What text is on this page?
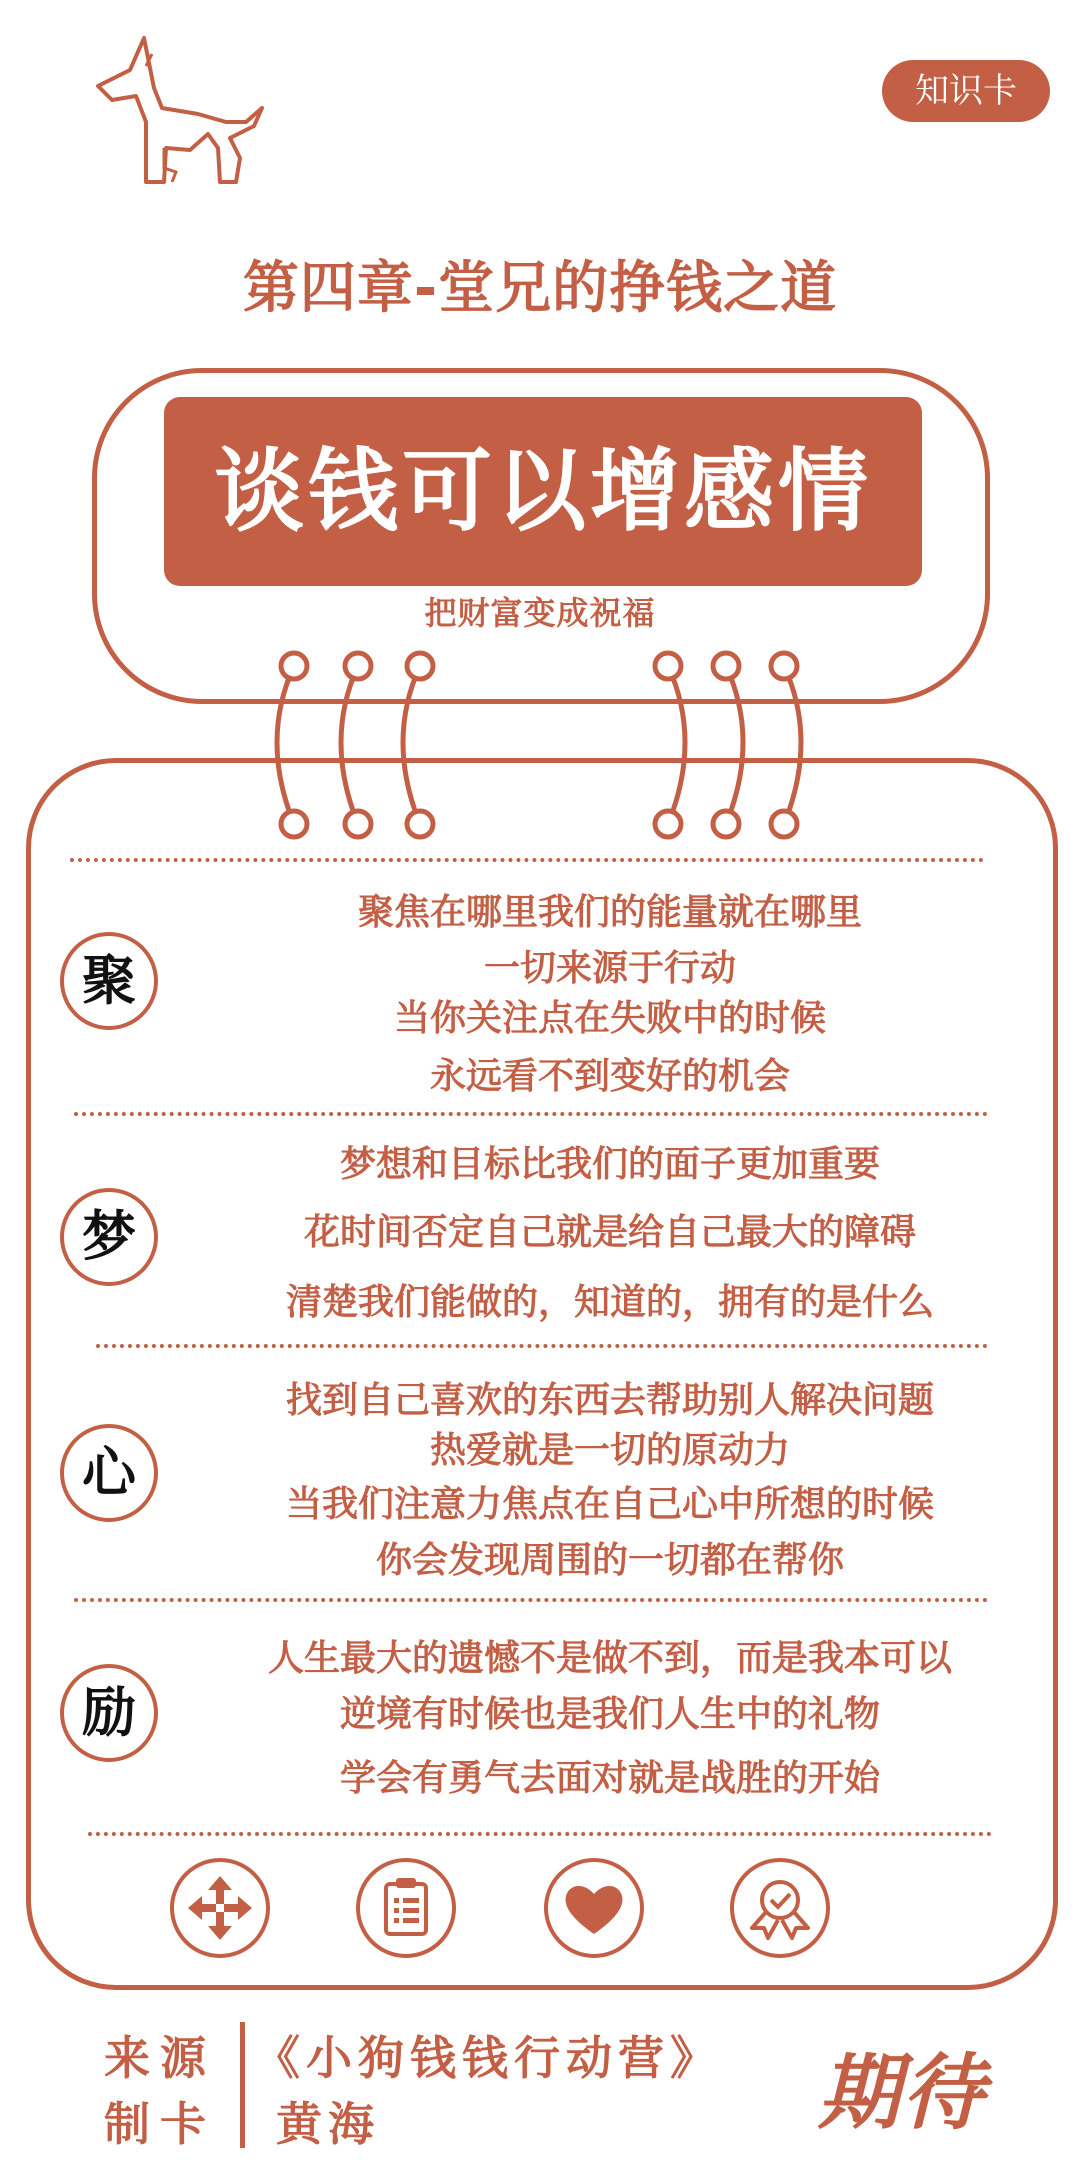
知识卡
第四章-堂兄的挣钱之道
谈钱可以增感情
把财富变成祝福
聚
聚焦在哪里我们的能量就在哪里
一切来源于行动
当你关注点在失败中的时候
永远看不到变好的机会
梦
梦想和目标比我们的面子更加重要
花时间否定自己就是给自己最大的障碍
清楚我们能做的，知道的，拥有的是什么
心
找到自己喜欢的东西去帮助别人解决问题
热爱就是一切的原动力
当我们注意力焦点在自己心中所想的时候
你会发现周围的一切都在帮你
励
人生最大的遗憾不是做不到，而是我本可以
逆境有时候也是我们人生中的礼物
学会有勇气去面对就是战胜的开始
来源
制卡
《小狗钱钱行动营》
黄海	期待
